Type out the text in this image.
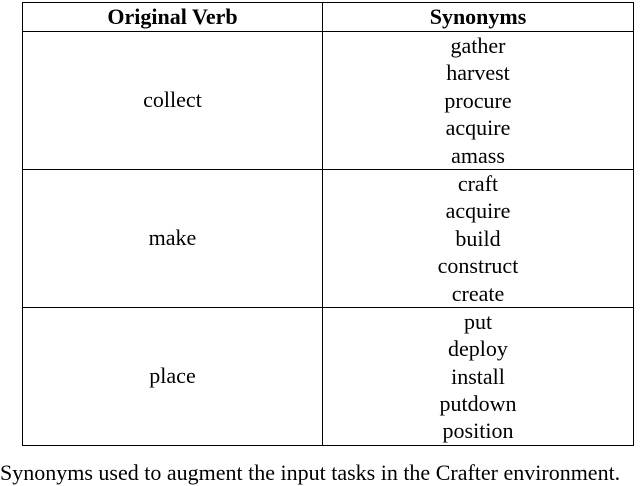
Original Verb	Synonyms
collect	gather
harvest
procure
acquire
amass

make	craft
acquire
build
construct
create

place	put
deploy
install
putdown
position
Synonyms used to augment the input tasks in the Crafter environment.
